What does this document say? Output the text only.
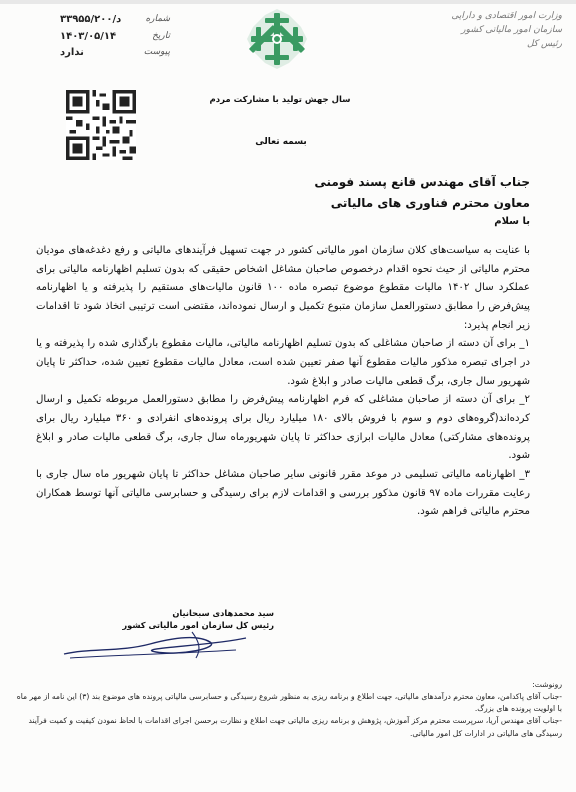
شماره
۳۳۹۵۵/۲۰۰/د
تاریخ
۱۴۰۳/۰۵/۱۴
پیوست
ندارد
وزارت امور اقتصادی و دارایی
سازمان امور مالیاتی کشور
رئیس کل
سال جهش تولید با مشارکت مردم
بسمه تعالی
جناب آقای مهندس قانع پسند فومنی
معاون محترم فناوری های مالیاتی
با سلام

با عنایت به سیاست‌های کلان سازمان امور مالیاتی کشور در جهت تسهیل فرآیندهای مالیاتی و رفع دغدغه‌های مودیان محترم مالیاتی از حیث نحوه اقدام درخصوص صاحبان مشاغل اشخاص حقیقی که بدون تسلیم اظهارنامه مالیاتی برای عملکرد سال ۱۴۰۲ مالیات مقطوع موضوع تبصره ماده ۱۰۰ قانون مالیات‌های مستقیم را پذیرفته و یا اظهارنامه پیش‌فرض را مطابق دستورالعمل سازمان متبوع تکمیل و ارسال نموده‌اند، مقتضی است ترتیبی اتخاذ شود تا اقدامات زیر انجام پذیرد:

۱_ برای آن دسته از صاحبان مشاغلی که بدون تسلیم اظهارنامه مالیاتی، مالیات مقطوع بارگذاری شده را پذیرفته و یا در اجرای تبصره مذکور مالیات مقطوع آنها صفر تعیین شده است، معادل مالیات مقطوع تعیین شده، حداکثر تا پایان شهریور سال جاری، برگ قطعی مالیات صادر و ابلاغ شود.

۲_ برای آن دسته از صاحبان مشاغلی که فرم اظهارنامه پیش‌فرض را مطابق دستورالعمل مربوطه تکمیل و ارسال کرده‌اند(گروه‌های دوم و سوم با فروش بالای ۱۸۰ میلیارد ریال برای پرونده‌های انفرادی و ۳۶۰ میلیارد ریال برای پرونده‌های مشارکتی) معادل مالیات ابرازی حداکثر تا پایان شهریورماه سال جاری، برگ قطعی مالیات صادر و ابلاغ شود.

۳_ اظهارنامه مالیاتی تسلیمی در موعد مقرر قانونی سایر صاحبان مشاغل حداکثر تا پایان شهریور ماه سال جاری با رعایت مقررات ماده ۹۷ قانون مذکور بررسی و اقدامات لازم برای رسیدگی و حسابرسی مالیاتی آنها توسط همکاران محترم مالیاتی فراهم شود.

سید محمدهادی سبحانیان
رئیس کل سازمان امور مالیاتی کشور

رونوشت:

-جناب آقای پاکدامن، معاون محترم درآمدهای مالیاتی، جهت اطلاع و برنامه ریزی به منظور شروع رسیدگی و حسابرسی مالیاتی پرونده های موضوع بند (۳) این نامه از مهر ماه با اولویت پرونده های بزرگ.

-جناب آقای مهندس آریا، سرپرست محترم مرکز آموزش، پژوهش و برنامه ریزی مالیاتی جهت اطلاع و نظارت برحسن اجرای اقدامات با لحاظ نمودن کیفیت و کمیت فرآیند رسیدگی های مالیاتی در ادارات کل امور مالیاتی.
